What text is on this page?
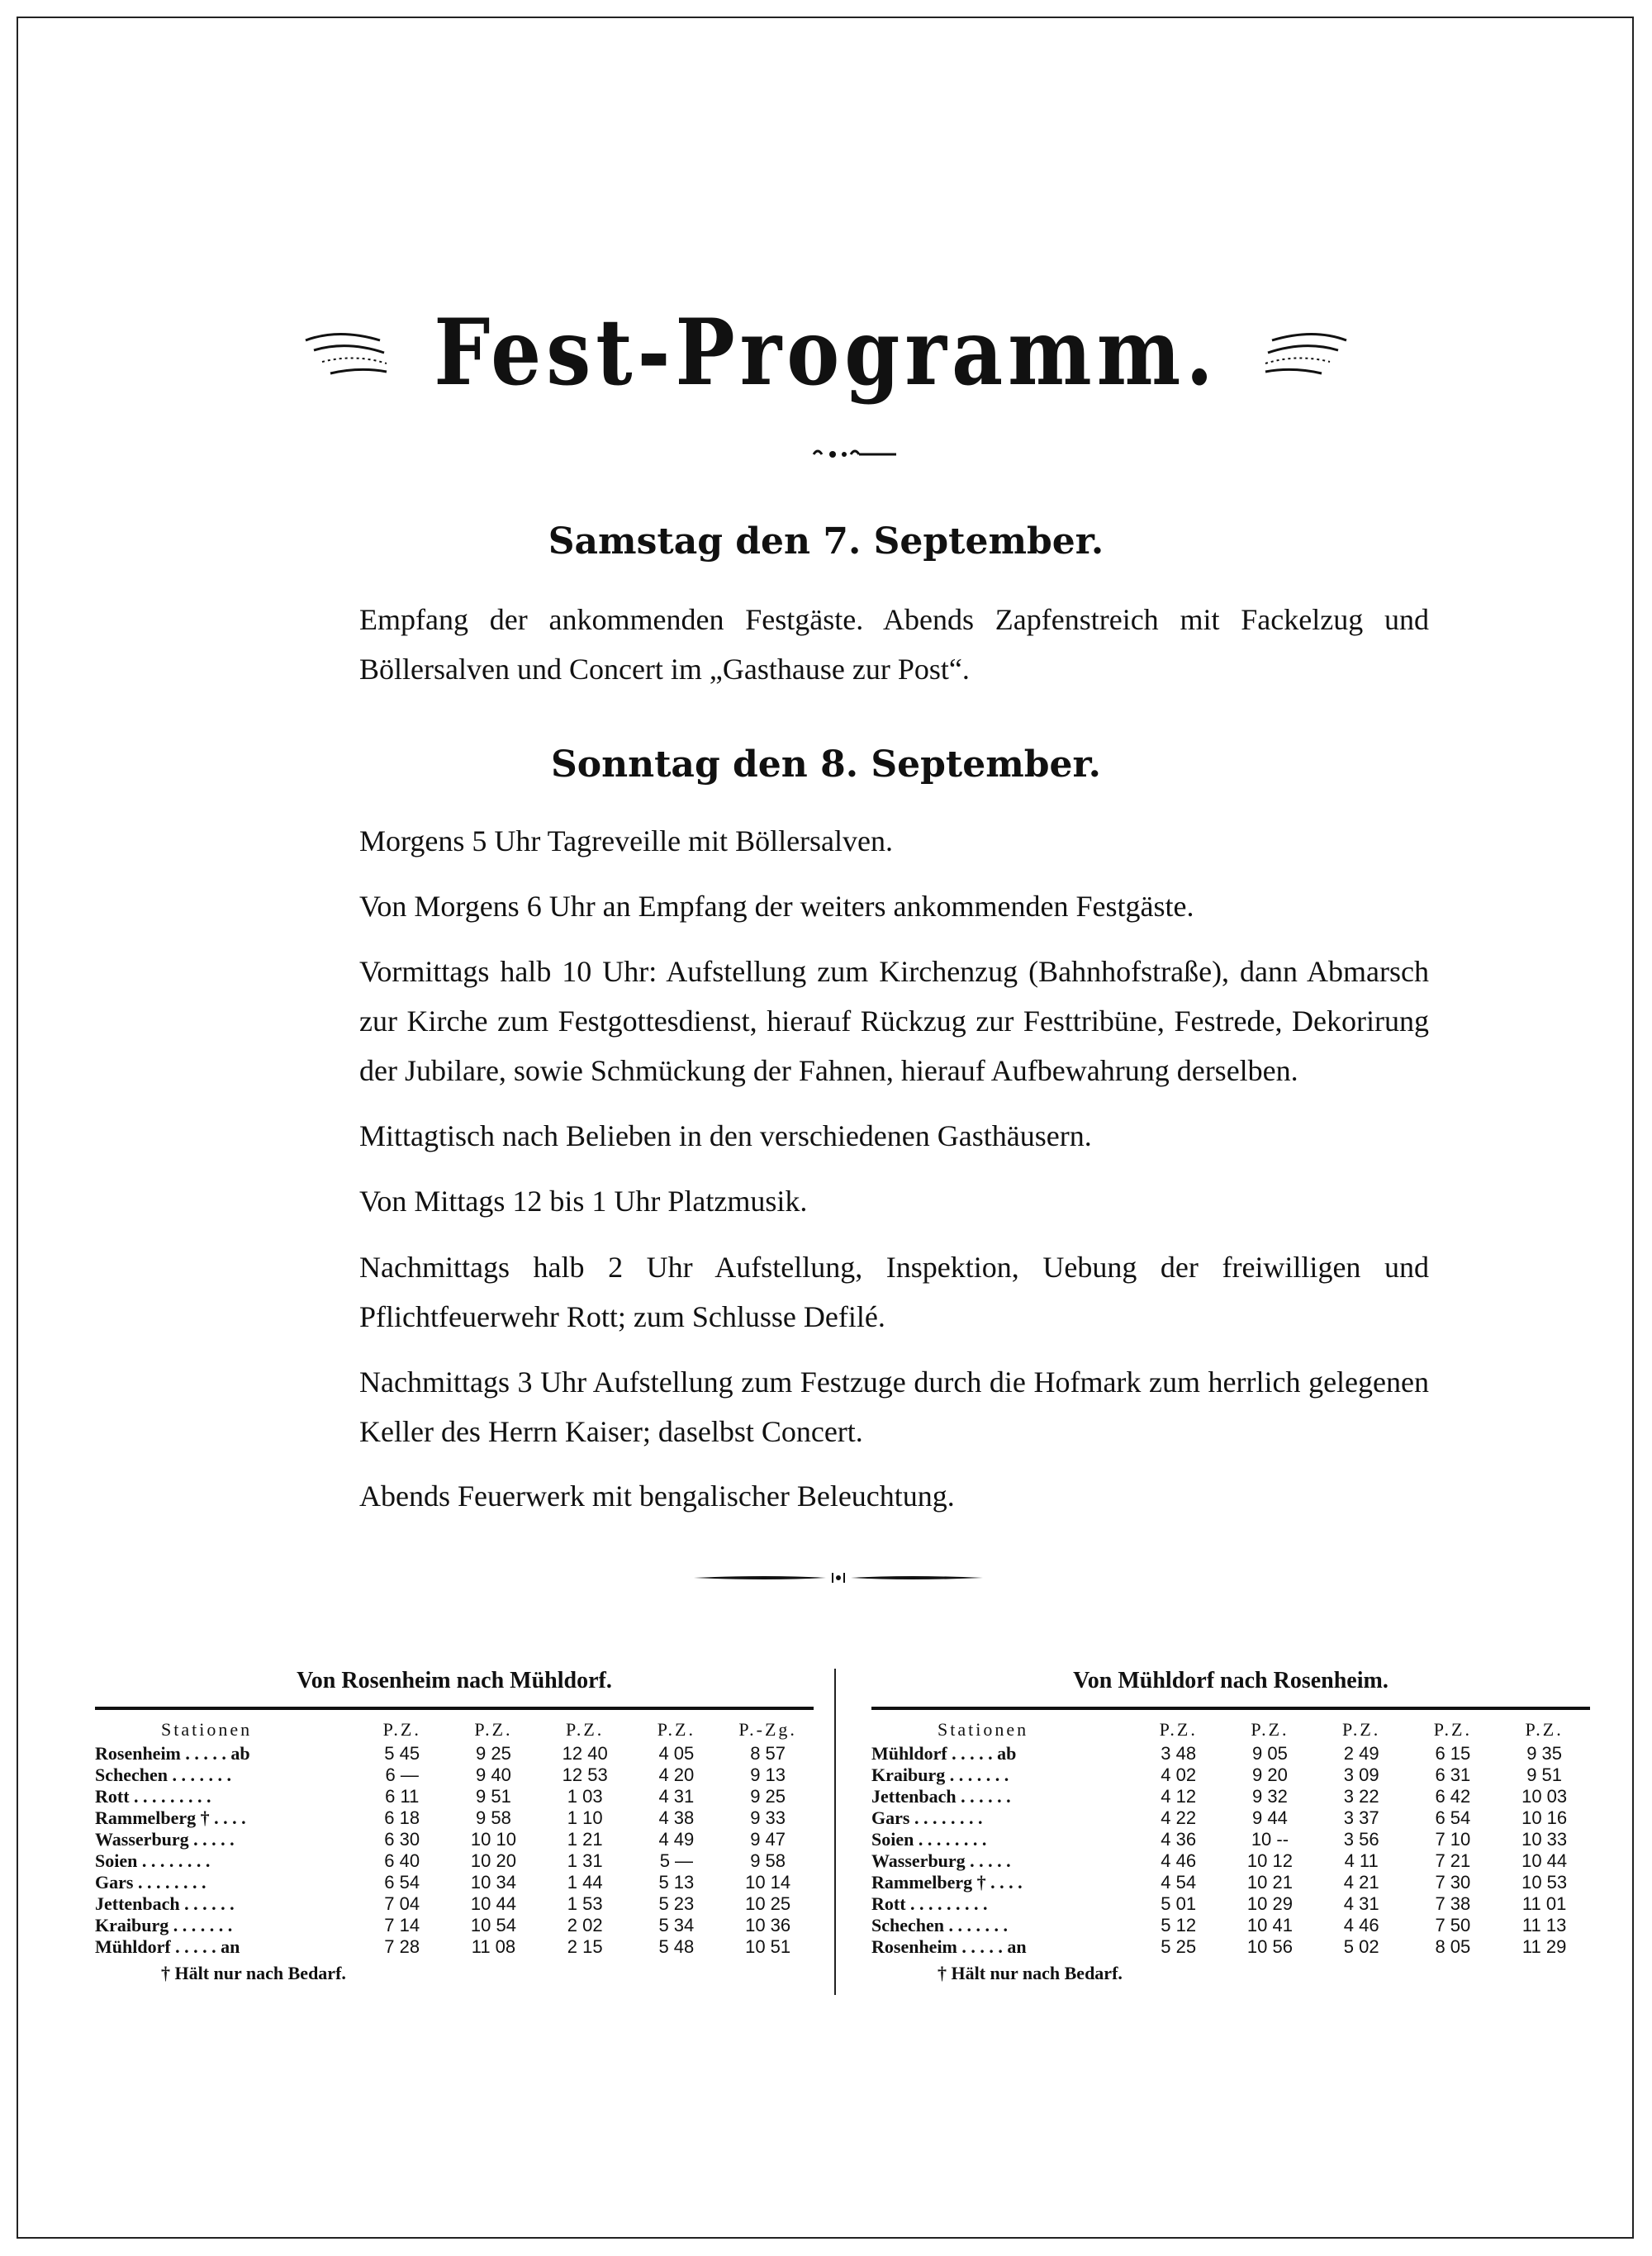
Fest-Programm.
Samstag den 7. September.
Empfang der ankommenden Festgäste. Abends Zapfenstreich mit Fackelzug und Böllersalven und Concert im „Gasthause zur Post“.
Sonntag den 8. September.
Morgens 5 Uhr Tagreveille mit Böllersalven.
Von Morgens 6 Uhr an Empfang der weiters ankommenden Festgäste.
Vormittags halb 10 Uhr: Aufstellung zum Kirchenzug (Bahnhofstraße), dann Abmarsch zur Kirche zum Festgottesdienst, hierauf Rückzug zur Festtribüne, Festrede, Dekorirung der Jubilare, sowie Schmückung der Fahnen, hierauf Aufbewahrung derselben.
Mittagtisch nach Belieben in den verschiedenen Gasthäusern.
Von Mittags 12 bis 1 Uhr Platzmusik.
Nachmittags halb 2 Uhr Aufstellung, Inspektion, Uebung der freiwilligen und Pflichtfeuerwehr Rott; zum Schlusse Defilé.
Nachmittags 3 Uhr Aufstellung zum Festzuge durch die Hofmark zum herrlich gelegenen Keller des Herrn Kaiser; daselbst Concert.
Abends Feuerwerk mit bengalischer Beleuchtung.
Von Rosenheim nach Mühldorf.
Stationen	P.Z.	P.Z.	P.Z.	P.Z.	P.-Zg.
Rosenheim . . . . . ab	5 45	9 25	12 40	4 05	8 57
Schechen . . . . . . .	6 —	9 40	12 53	4 20	9 13
Rott . . . . . . . . .	6 11	9 51	1 03	4 31	9 25
Rammelberg † . . . .	6 18	9 58	1 10	4 38	9 33
Wasserburg . . . . .	6 30	10 10	1 21	4 49	9 47
Soien . . . . . . . .	6 40	10 20	1 31	5 —	9 58
Gars . . . . . . . .	6 54	10 34	1 44	5 13	10 14
Jettenbach . . . . . .	7 04	10 44	1 53	5 23	10 25
Kraiburg . . . . . . .	7 14	10 54	2 02	5 34	10 36
Mühldorf . . . . . an	7 28	11 08	2 15	5 48	10 51
† Hält nur nach Bedarf.
Von Mühldorf nach Rosenheim.
Stationen	P.Z.	P.Z.	P.Z.	P.Z.	P.Z.
Mühldorf . . . . . ab	3 48	9 05	2 49	6 15	9 35
Kraiburg . . . . . . .	4 02	9 20	3 09	6 31	9 51
Jettenbach . . . . . .	4 12	9 32	3 22	6 42	10 03
Gars . . . . . . . .	4 22	9 44	3 37	6 54	10 16
Soien . . . . . . . .	4 36	10 --	3 56	7 10	10 33
Wasserburg . . . . .	4 46	10 12	4 11	7 21	10 44
Rammelberg † . . . .	4 54	10 21	4 21	7 30	10 53
Rott . . . . . . . . .	5 01	10 29	4 31	7 38	11 01
Schechen . . . . . . .	5 12	10 41	4 46	7 50	11 13
Rosenheim . . . . . an	5 25	10 56	5 02	8 05	11 29
† Hält nur nach Bedarf.
